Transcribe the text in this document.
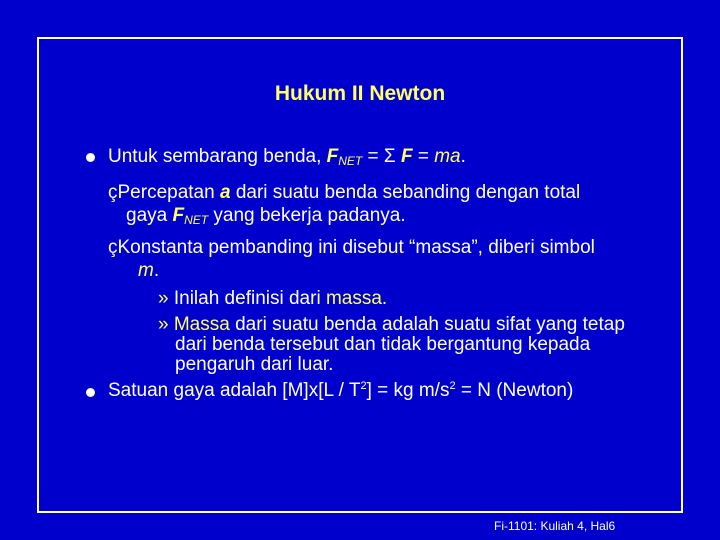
Hukum II Newton
Untuk sembarang benda, $F_{NET} = \Sigma$ F = ma.
çPercepatan a dari suatu benda sebanding dengan total
gaya $F_{NET}$ yang bekerja padanya.
çKonstanta pembanding ini disebut “massa”, diberi simbol
m.
» Inilah definisi dari massa.
» Massa dari suatu benda adalah suatu sifat yang tetap
dari benda tersebut dan tidak bergantung kepada
pengaruh dari luar.
Satuan gaya adalah $[M]x[L / T^2]$ = kg $m/s^2 = N$ (Newton)
Fi-1101: Kuliah 4, Hal6
